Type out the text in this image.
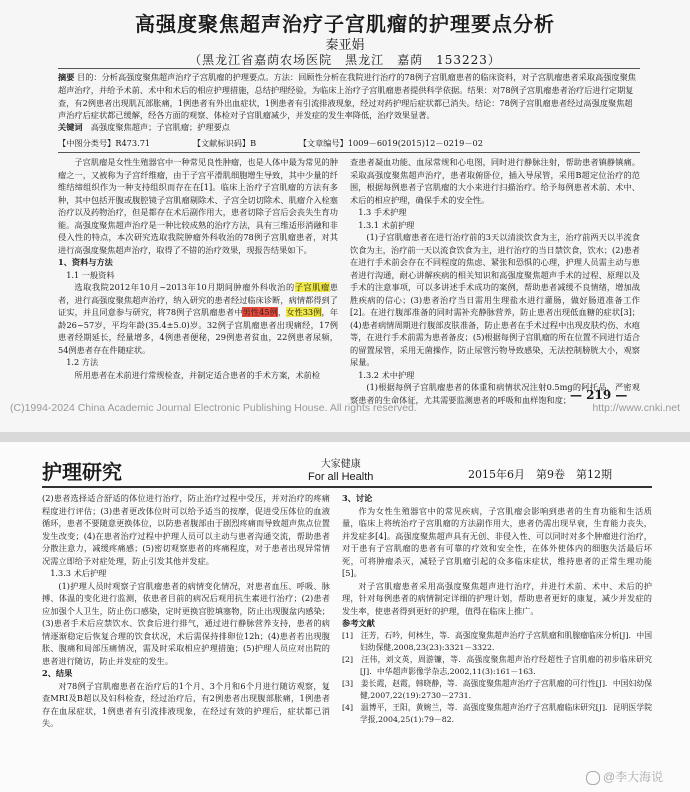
高强度聚焦超声治疗子宫肌瘤的护理要点分析
秦亚娟
（黑龙江省嘉荫农场医院　黑龙江　嘉荫　153223）
摘要 目的：分析高强度聚焦超声治疗子宫肌瘤的护理要点。方法：回顾性分析在我院进行治疗的78例子宫肌瘤患者的临床资料，对子宫肌瘤患者采取高强度聚焦超声治疗，并给予术前、术中和术后的相应护理措施，总结护理经验，为临床上治疗子宫肌瘤患者提供科学依据。结果：对78例子宫肌瘤患者治疗后进行定期复查，有2例患者出现肌瓦部胀痛，1例患者有外出血症状，1例患者有引流排液现象，经过对药护理后症状都已消失。结论：78例子宫肌瘤患者经过高强度聚焦超声治疗后症状都已缓解，经各方面的观察、体检对子宫肌瘤减少，并发症的发生率降低，治疗效果显著。
关键词　 高强度聚焦超声；子宫肌瘤；护理要点
【中图分类号】R473.71	【文献标识码】B	【文章编号】1009－6019(2015)12－0219－02

子宫肌瘤是女性生殖器官中一种常见良性肿瘤，也是人体中最为常见的肿瘤之一，又被称为子宫纤维瘤，由于子宫平滑肌细胞增生导致，其中少量的纤维结缔组织作为一种支持组织而存在在[1]。临床上治疗子宫肌瘤的方法有多种，其中包括开腹或腹腔镜子宫肌瘤剔除术、子宫全切切除术、肌瘤介入栓塞治疗以及药物治疗，但是都存在术后副作用大，患者切除子宫后会丧失生育功能。高强度聚焦超声治疗是一种比较成熟的治疗方法，具有三维适形消融和非侵入性的特点，本次研究选取我院肿瘤外科收治的78例子宫肌瘤患者，对其进行高强度聚焦超声治疗，取得了不错的治疗效果，现报告结果如下。

1、资料与方法

1.1 一般资料

选取我院2012年10月~2013年10月期间肿瘤外科收治的子宫肌瘤患者，进行高强度聚焦超声治疗，纳入研究的患者经过临床诊断，病情都得到了证实，并且同意参与研究，将78例子宫肌瘤患者中男性45例，女性33例，年龄26~57岁，平均年龄(35.4±5.0)岁。32例子宫肌瘤患者出现痛经，17例患者经期延长，经量增多，4例患者便秘，29例患者贫血，22例患者尿频，54例患者存在件随症状。

1.2 方法

所用患者在术前进行常规检查，并制定适合患者的手术方案，术前检

查患者凝血功能、血尿常规和心电图，同时进行静脉注射，帮助患者镇静镇痛。采取高强度聚焦超声治疗，患者取俯卧位，插入导尿管，采用B超定位治疗的范围，根据每例患者子宫肌瘤的大小来进行扫描治疗。给予每例患者术前、术中、术后的相应护理，确保手术的安全性。

1.3 手术护理

1.3.1 术前护理

(1)子宫肌瘤患者在进行治疗前的3天以清淡饮食为主，治疗前两天以半流食饮食为主，治疗前一天以流食饮食为主，进行治疗的当日禁饮食，饮水；(2)患者在进行手术前会存在不同程度的焦虑、紧张和恐惧的心理，护理人员需主动与患者进行沟通，耐心讲解疾病的相关知识和高强度聚焦超声手术的过程、原理以及手术的注意事项，可以多讲述手术成功的案例，帮助患者减缓不良情绪，增加战胜疾病的信心；(3)患者治疗当日需用生理盐水进行灌肠，做好肠道准备工作[2]。在进行腹部准备的同时需补充静脉营养，防止患者出现低血糖的症状[3]；(4)患者病情周期进行腹部皮肤准备，防止患者在手术过程中出现皮肤灼伤、水疱等，在进行手术前需为患者备皮；(5)根据每例子宫肌瘤的所在位置不同进行适合的留置尿管，采用无菌操作，防止尿管污物导致感染，无法控制膀胱大小，观察尿量。

1.3.2 术中护理

(1)根据每例子宫肌瘤患者的体重和病情状况注射0.5mg的阿托品，严密观察患者的生命体征，尤其需要监测患者的呼吸和血样饱和度；

— 219 —
(C)1994-2024 China Academic Journal Electronic Publishing House. All rights reserved.	http://www.cnki.net
护理研究	大家健康
For all Health	2015年6月　第9卷　第12期

(2)患者选择适合舒适的体位进行治疗，防止治疗过程中受压，并对治疗的疼痛程度进行评估；(3)患者更改体位时可以给予适当的按摩，促进受压体位的血液循环，患者不要随意更换体位，以防患者腹部由于剧烈疼痛而导致超声焦点位置发生改变；(4)在患者治疗过程中护理人员可以主动与患者沟通交流，帮助患者分散注意力，减缓疼痛感；(5)密切观察患者的疼痛程度，对于患者出现异常情况需立即给予对症处理，防止引发其他并发症。

1.3.3 术后护理

(1)护理人员时观察子宫肌瘤患者的病情变化情况，对患者血压、呼吸、脉搏、体温的变化进行监测，依患者目前的病况后观用抗生素进行治疗；(2)患者应加强个人卫生，防止伤口感染，定时更换宫腔填塞物，防止出现腹盆内感染；(3)患者手术后应禁饮水、饮食后进行排气，通过进行静脉营养支持，患者的病情逐渐稳定后恢复合理的饮食状况，术后需保持排卵位12h；(4)患者若出现腹胀、腹痛和局部压痛情况，需及时采取相应护理措施；(5)护理人员应对出院的患者进行随访，防止并发症的发生。

2、结果

对78例子宫肌瘤患者在治疗后的1个月、3个月和6个月进行随访观察，复查MRI及B超以及妇科检查，经过治疗后，有2例患者出现腹部胀痛，1例患者存在血尿症状，1例患者有引流排液现象，在经过有效的护理后，症状都已消失。

3、讨论

作为女性生殖器官中的常见疾病，子宫肌瘤会影响到患者的生育功能和生活质量，临床上将统治疗子宫肌瘤的方法副作用大，患者仍需出现早衰，生育能力丧失，并发症多[4]。高强度聚焦超声具有无创、非侵入性、可以同时对多个肿瘤进行治疗，对于患有子宫肌瘤的患者有可靠的疗效和安全性，在体外使体内的细胞失活最后坏死，可将肿瘤杀灭，减轻子宫肌瘤引起的众多临床症状，维持患者的正常生理功能[5]。

对子宫肌瘤患者采用高强度聚焦超声进行治疗，并进行术前、术中、术后的护理，针对每例患者的病情制定详细的护理计划，帮助患者更好的康复，减少并发症的发生率，使患者得到更好的护理，值得在临床上推广。

参考文献

[1]　汪芳，石吟，何林生，等．高强度聚焦超声治疗子宫肌瘤和肌腺瘤临床分析[J]．中国妇幼保健,2008,23(23):3321－3322.
[2]　汪伟，刘文英，周游镰，等．高强度聚焦超声治疗经超性子宫肌瘤的初步临床研究[J]．中华超声影像学杂志,2002,11(3):161－163.
[3]　姜长霞，赵霞，韩晓静，等．高强度聚焦超声治疗子宫肌瘤的可行性[J]．中国妇幼保健,2007,22(19):2730－2731.
[4]　温博平，王阳，黄婉兰，等．高强度聚焦超声治疗子宫肌瘤临床研究[J]．昆明医学院学报,2004,25(1):79－82.
@李大海说
